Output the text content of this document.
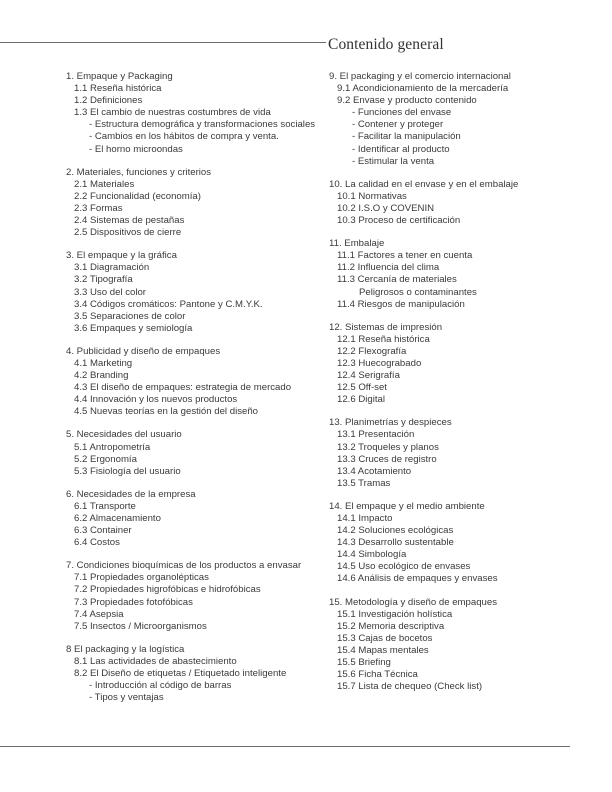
Contenido general
1. Empaque y Packaging
1.1 Reseña histórica
1.2 Definiciones
1.3 El cambio de nuestras costumbres de vida
- Estructura demográfica y transformaciones sociales
- Cambios en los hábitos de compra y venta.
- El horno microondas
2. Materiales, funciones y criterios
2.1 Materiales
2.2 Funcionalidad (economía)
2.3 Formas
2.4 Sistemas de pestañas
2.5 Dispositivos de cierre
3. El empaque y la gráfica
3.1 Diagramación
3.2 Tipografía
3.3 Uso del color
3.4 Códigos cromáticos: Pantone y C.M.Y.K.
3.5 Separaciones de color
3.6 Empaques y semiología
4. Publicidad y diseño de empaques
4.1 Marketing
4.2 Branding
4.3 El diseño de empaques: estrategia de mercado
4.4 Innovación y los nuevos productos
4.5 Nuevas teorías en la gestión del diseño
5. Necesidades del usuario
5.1 Antropometría
5.2 Ergonomía
5.3 Fisiología del usuario
6. Necesidades de la empresa
6.1 Transporte
6.2 Almacenamiento
6.3 Container
6.4 Costos
7. Condiciones bioquímicas de los productos a envasar
7.1 Propiedades organolépticas
7.2 Propiedades higrofóbicas e hidrofóbicas
7.3 Propiedades fotofóbicas
7.4 Asepsia
7.5 Insectos / Microorganismos
8 El packaging y la logística
8.1 Las actividades de abastecimiento
8.2 El Diseño de etiquetas / Etiquetado inteligente
- Introducción al código de barras
- Tipos y ventajas
9. El packaging y el comercio internacional
9.1 Acondicionamiento de la mercadería
9.2 Envase y producto contenido
- Funciones del envase
- Contener y proteger
- Facilitar la manipulación
- Identificar al producto
- Estimular la venta
10. La calidad en el envase y en el embalaje
10.1 Normativas
10.2 I.S.O y COVENIN
10.3 Proceso de certificación
11. Embalaje
11.1 Factores a tener en cuenta
11.2 Influencia del clima
11.3 Cercanía de materiales
Peligrosos o contaminantes
11.4 Riesgos de manipulación
12. Sistemas de impresión
12.1 Reseña histórica
12.2 Flexografía
12.3 Huecograbado
12.4 Serigrafía
12.5 Off-set
12.6 Digital
13. Planimetrías y despieces
13.1 Presentación
13.2 Troqueles y planos
13.3 Cruces de registro
13.4 Acotamiento
13.5 Tramas
14. El empaque y el medio ambiente
14.1 Impacto
14.2 Soluciones ecológicas
14.3 Desarrollo sustentable
14.4 Simbología
14.5 Uso ecológico de envases
14.6 Análisis de empaques y envases
15. Metodología y diseño de empaques
15.1 Investigación holística
15.2 Memoria descriptiva
15.3 Cajas de bocetos
15.4 Mapas mentales
15.5 Briefing
15.6 Ficha Técnica
15.7 Lista de chequeo (Check list)
